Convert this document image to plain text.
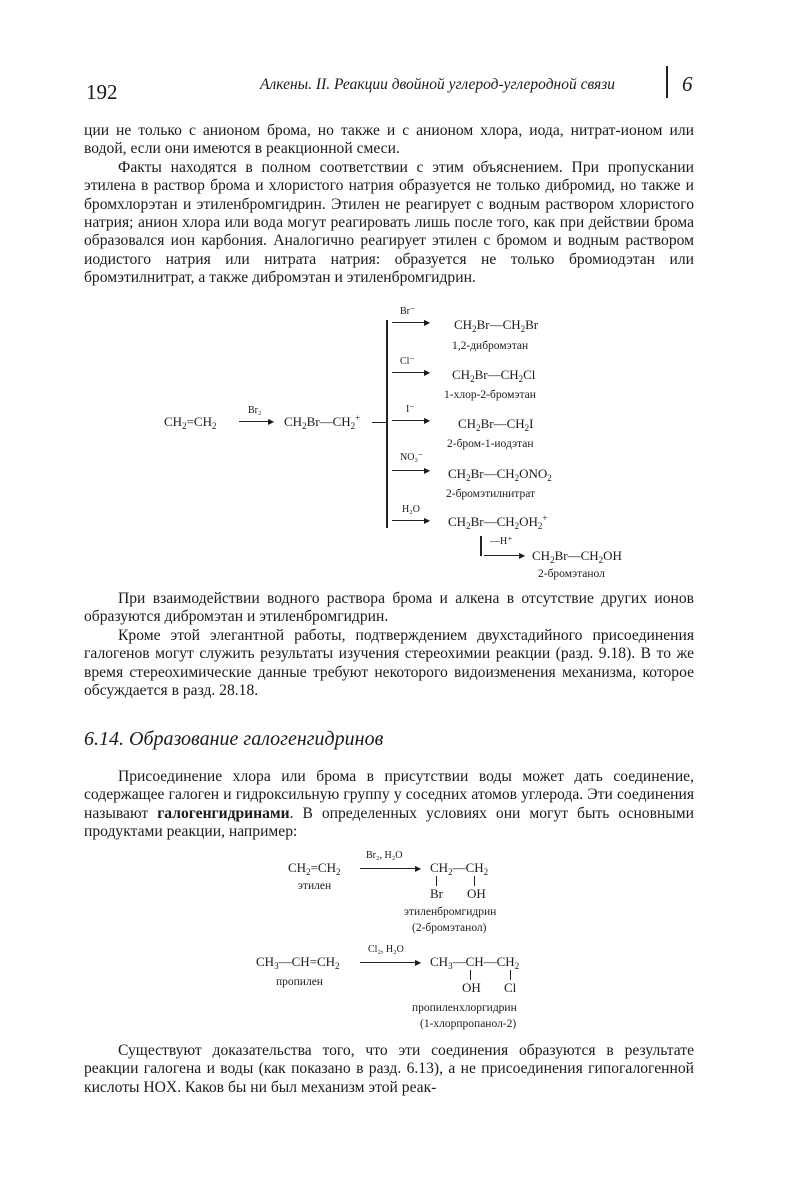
192	Алкены. II. Реакции двойной углерод-углеродной связи	6

ции не только с анионом брома, но также и с анионом хлора, иода, нитрат-ионом или водой, если они имеются в реакционной смеси.

Факты находятся в полном соответствии с этим объяснением. При пропускании этилена в раствор брома и хлористого натрия образуется не только дибромид, но также и бромхлорэтан и этиленбромгидрин. Этилен не реагирует с водным раствором хлористого натрия; анион хлора или вода могут реагировать лишь после того, как при действии брома образовался ион карбония. Аналогично реагирует этилен с бромом и водным раствором иодистого натрия или нитрата натрия: образуется не только бромиодэтан или бромэтилнитрат, а также дибромэтан и этиленбромгидрин.

$CH_2=CH_2$
Br₂
▶ $CH_2Br—CH_2^+$
Br⁻
▶ $CH_2Br—CH_2Br$
1,2-дибромэтан
Cl⁻
▶ $CH_2Br—CH_2Cl$
1-хлор-2-бромэтан
I⁻
▶ $CH_2Br—CH_2I$
2-бром-1-иодэтан
NO₃⁻
▶ $CH_2Br—CH_2ONO_2$
2-бромэтилнитрат
H₂O
▶ $CH_2Br—CH_2OH_2^+$
—H⁺
▶ $CH_2Br—CH_2OH$
2-бромэтанол

При взаимодействии водного раствора брома и алкена в отсутствие других ионов образуются дибромэтан и этиленбромгидрин.

Кроме этой элегантной работы, подтверждением двухстадийного присоединения галогенов могут служить результаты изучения стереохимии реакции (разд. 9.18). В то же время стереохимические данные требуют некоторого видоизменения механизма, которое обсуждается в разд. 28.18.

6.14. Образование галогенгидринов

Присоединение хлора или брома в присутствии воды может дать соединение, содержащее галоген и гидроксильную группу у соседних атомов углерода. Эти соединения называют галогенгидринами. В определенных условиях они могут быть основными продуктами реакции, например:

$CH_2=CH_2$
этилен
Br₂, H₂O
▶ $CH_2—CH_2$
Br OH
этиленбромгидрин
(2-бромэтанол)
$CH_3—CH=CH_2$
пропилен
Cl₂, H₂O
▶ $CH_3—CH—CH_2$
OH Cl
пропиленхлоргидрин
(1-хлорпропанол-2)

Существуют доказательства того, что эти соединения образуются в результате реакции галогена и воды (как показано в разд. 6.13), а не присоединения гипогалогенной кислоты HOX. Каков бы ни был механизм этой реак-
